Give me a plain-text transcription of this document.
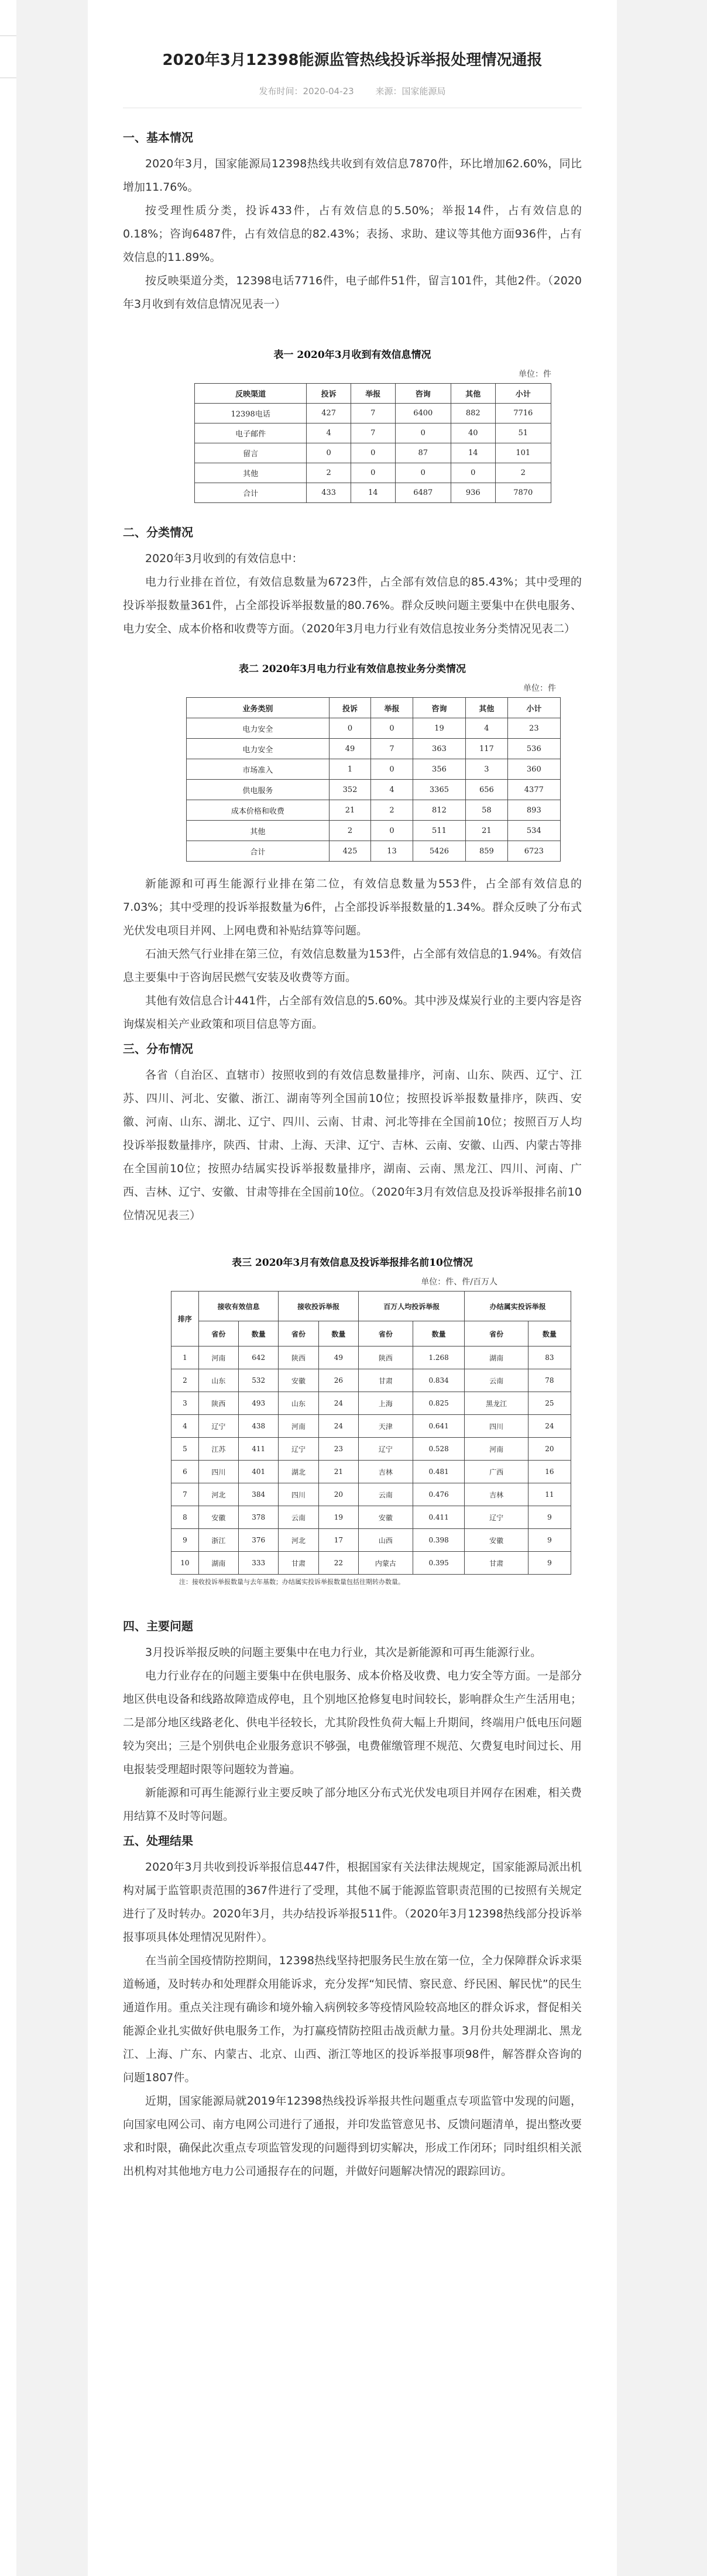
2020年3月12398能源监管热线投诉举报处理情况通报
发布时间：2020-04-23 来源：国家能源局
一、基本情况

2020年3月，国家能源局12398热线共收到有效信息7870件，环比增加62.60%，同比增加11.76%。

按受理性质分类，投诉433件，占有效信息的5.50%；举报14件，占有效信息的0.18%；咨询6487件，占有效信息的82.43%；表扬、求助、建议等其他方面936件，占有效信息的11.89%。

按反映渠道分类，12398电话7716件，电子邮件51件，留言101件，其他2件。（2020年3月收到有效信息情况见表一）

表一 2020年3月收到有效信息情况
单位：件
反映渠道	投诉	举报	咨询	其他	小计
12398电话	427	7	6400	882	7716
电子邮件	4	7	0	40	51
留言	0	0	87	14	101
其他	2	0	0	0	2
合计	433	14	6487	936	7870
二、分类情况

2020年3月收到的有效信息中：

电力行业排在首位，有效信息数量为6723件，占全部有效信息的85.43%；其中受理的投诉举报数量361件，占全部投诉举报数量的80.76%。群众反映问题主要集中在供电服务、电力安全、成本价格和收费等方面。（2020年3月电力行业有效信息按业务分类情况见表二）

表二 2020年3月电力行业有效信息按业务分类情况
单位：件
业务类别	投诉	举报	咨询	其他	小计
电力安全	0	0	19	4	23
电力安全	49	7	363	117	536
市场准入	1	0	356	3	360
供电服务	352	4	3365	656	4377
成本价格和收费	21	2	812	58	893
其他	2	0	511	21	534
合计	425	13	5426	859	6723

新能源和可再生能源行业排在第二位，有效信息数量为553件，占全部有效信息的7.03%；其中受理的投诉举报数量为6件，占全部投诉举报数量的1.34%。群众反映了分布式光伏发电项目并网、上网电费和补贴结算等问题。

石油天然气行业排在第三位，有效信息数量为153件，占全部有效信息的1.94%。有效信息主要集中于咨询居民燃气安装及收费等方面。

其他有效信息合计441件，占全部有效信息的5.60%。其中涉及煤炭行业的主要内容是咨询煤炭相关产业政策和项目信息等方面。

三、分布情况

各省（自治区、直辖市）按照收到的有效信息数量排序，河南、山东、陕西、辽宁、江苏、四川、河北、安徽、浙江、湖南等列全国前10位；按照投诉举报数量排序，陕西、安徽、河南、山东、湖北、辽宁、四川、云南、甘肃、河北等排在全国前10位；按照百万人均投诉举报数量排序，陕西、甘肃、上海、天津、辽宁、吉林、云南、安徽、山西、内蒙古等排在全国前10位；按照办结属实投诉举报数量排序，湖南、云南、黑龙江、四川、河南、广西、吉林、辽宁、安徽、甘肃等排在全国前10位。（2020年3月有效信息及投诉举报排名前10位情况见表三）

表三 2020年3月有效信息及投诉举报排名前10位情况
单位：件、件/百万人
排序	接收有效信息		接收投诉举报		百万人均投诉举报		办结属实投诉举报	
	省份	数量	省份	数量	省份	数量	省份	数量
1	河南	642	陕西	49	陕西	1.268	湖南	83
2	山东	532	安徽	26	甘肃	0.834	云南	78
3	陕西	493	山东	24	上海	0.825	黑龙江	25
4	辽宁	438	河南	24	天津	0.641	四川	24
5	江苏	411	辽宁	23	辽宁	0.528	河南	20
6	四川	401	湖北	21	吉林	0.481	广西	16
7	河北	384	四川	20	云南	0.476	吉林	11
8	安徽	378	云南	19	安徽	0.411	辽宁	9
9	浙江	376	河北	17	山西	0.398	安徽	9
10	湖南	333	甘肃	22	内蒙古	0.395	甘肃	9
注：接收投诉举报数量与去年基数；办结属实投诉举报数量包括往期转办数量。
四、主要问题

3月投诉举报反映的问题主要集中在电力行业，其次是新能源和可再生能源行业。

电力行业存在的问题主要集中在供电服务、成本价格及收费、电力安全等方面。一是部分地区供电设备和线路故障造成停电，且个别地区抢修复电时间较长，影响群众生产生活用电；二是部分地区线路老化、供电半径较长，尤其阶段性负荷大幅上升期间，终端用户低电压问题较为突出；三是个别供电企业服务意识不够强，电费催缴管理不规范、欠费复电时间过长、用电报装受理超时限等问题较为普遍。

新能源和可再生能源行业主要反映了部分地区分布式光伏发电项目并网存在困难，相关费用结算不及时等问题。

五、处理结果

2020年3月共收到投诉举报信息447件，根据国家有关法律法规规定，国家能源局派出机构对属于监管职责范围的367件进行了受理，其他不属于能源监管职责范围的已按照有关规定进行了及时转办。2020年3月，共办结投诉举报511件。（2020年3月12398热线部分投诉举报事项具体处理情况见附件）。

在当前全国疫情防控期间，12398热线坚持把服务民生放在第一位，全力保障群众诉求渠道畅通，及时转办和处理群众用能诉求，充分发挥“知民情、察民意、纾民困、解民忧”的民生通道作用。重点关注现有确诊和境外输入病例较多等疫情风险较高地区的群众诉求，督促相关能源企业扎实做好供电服务工作，为打赢疫情防控阻击战贡献力量。3月份共处理湖北、黑龙江、上海、广东、内蒙古、北京、山西、浙江等地区的投诉举报事项98件，解答群众咨询的问题1807件。

近期，国家能源局就2019年12398热线投诉举报共性问题重点专项监管中发现的问题，向国家电网公司、南方电网公司进行了通报，并印发监管意见书、反馈问题清单，提出整改要求和时限，确保此次重点专项监管发现的问题得到切实解决，形成工作闭环；同时组织相关派出机构对其他地方电力公司通报存在的问题，并做好问题解决情况的跟踪回访。
